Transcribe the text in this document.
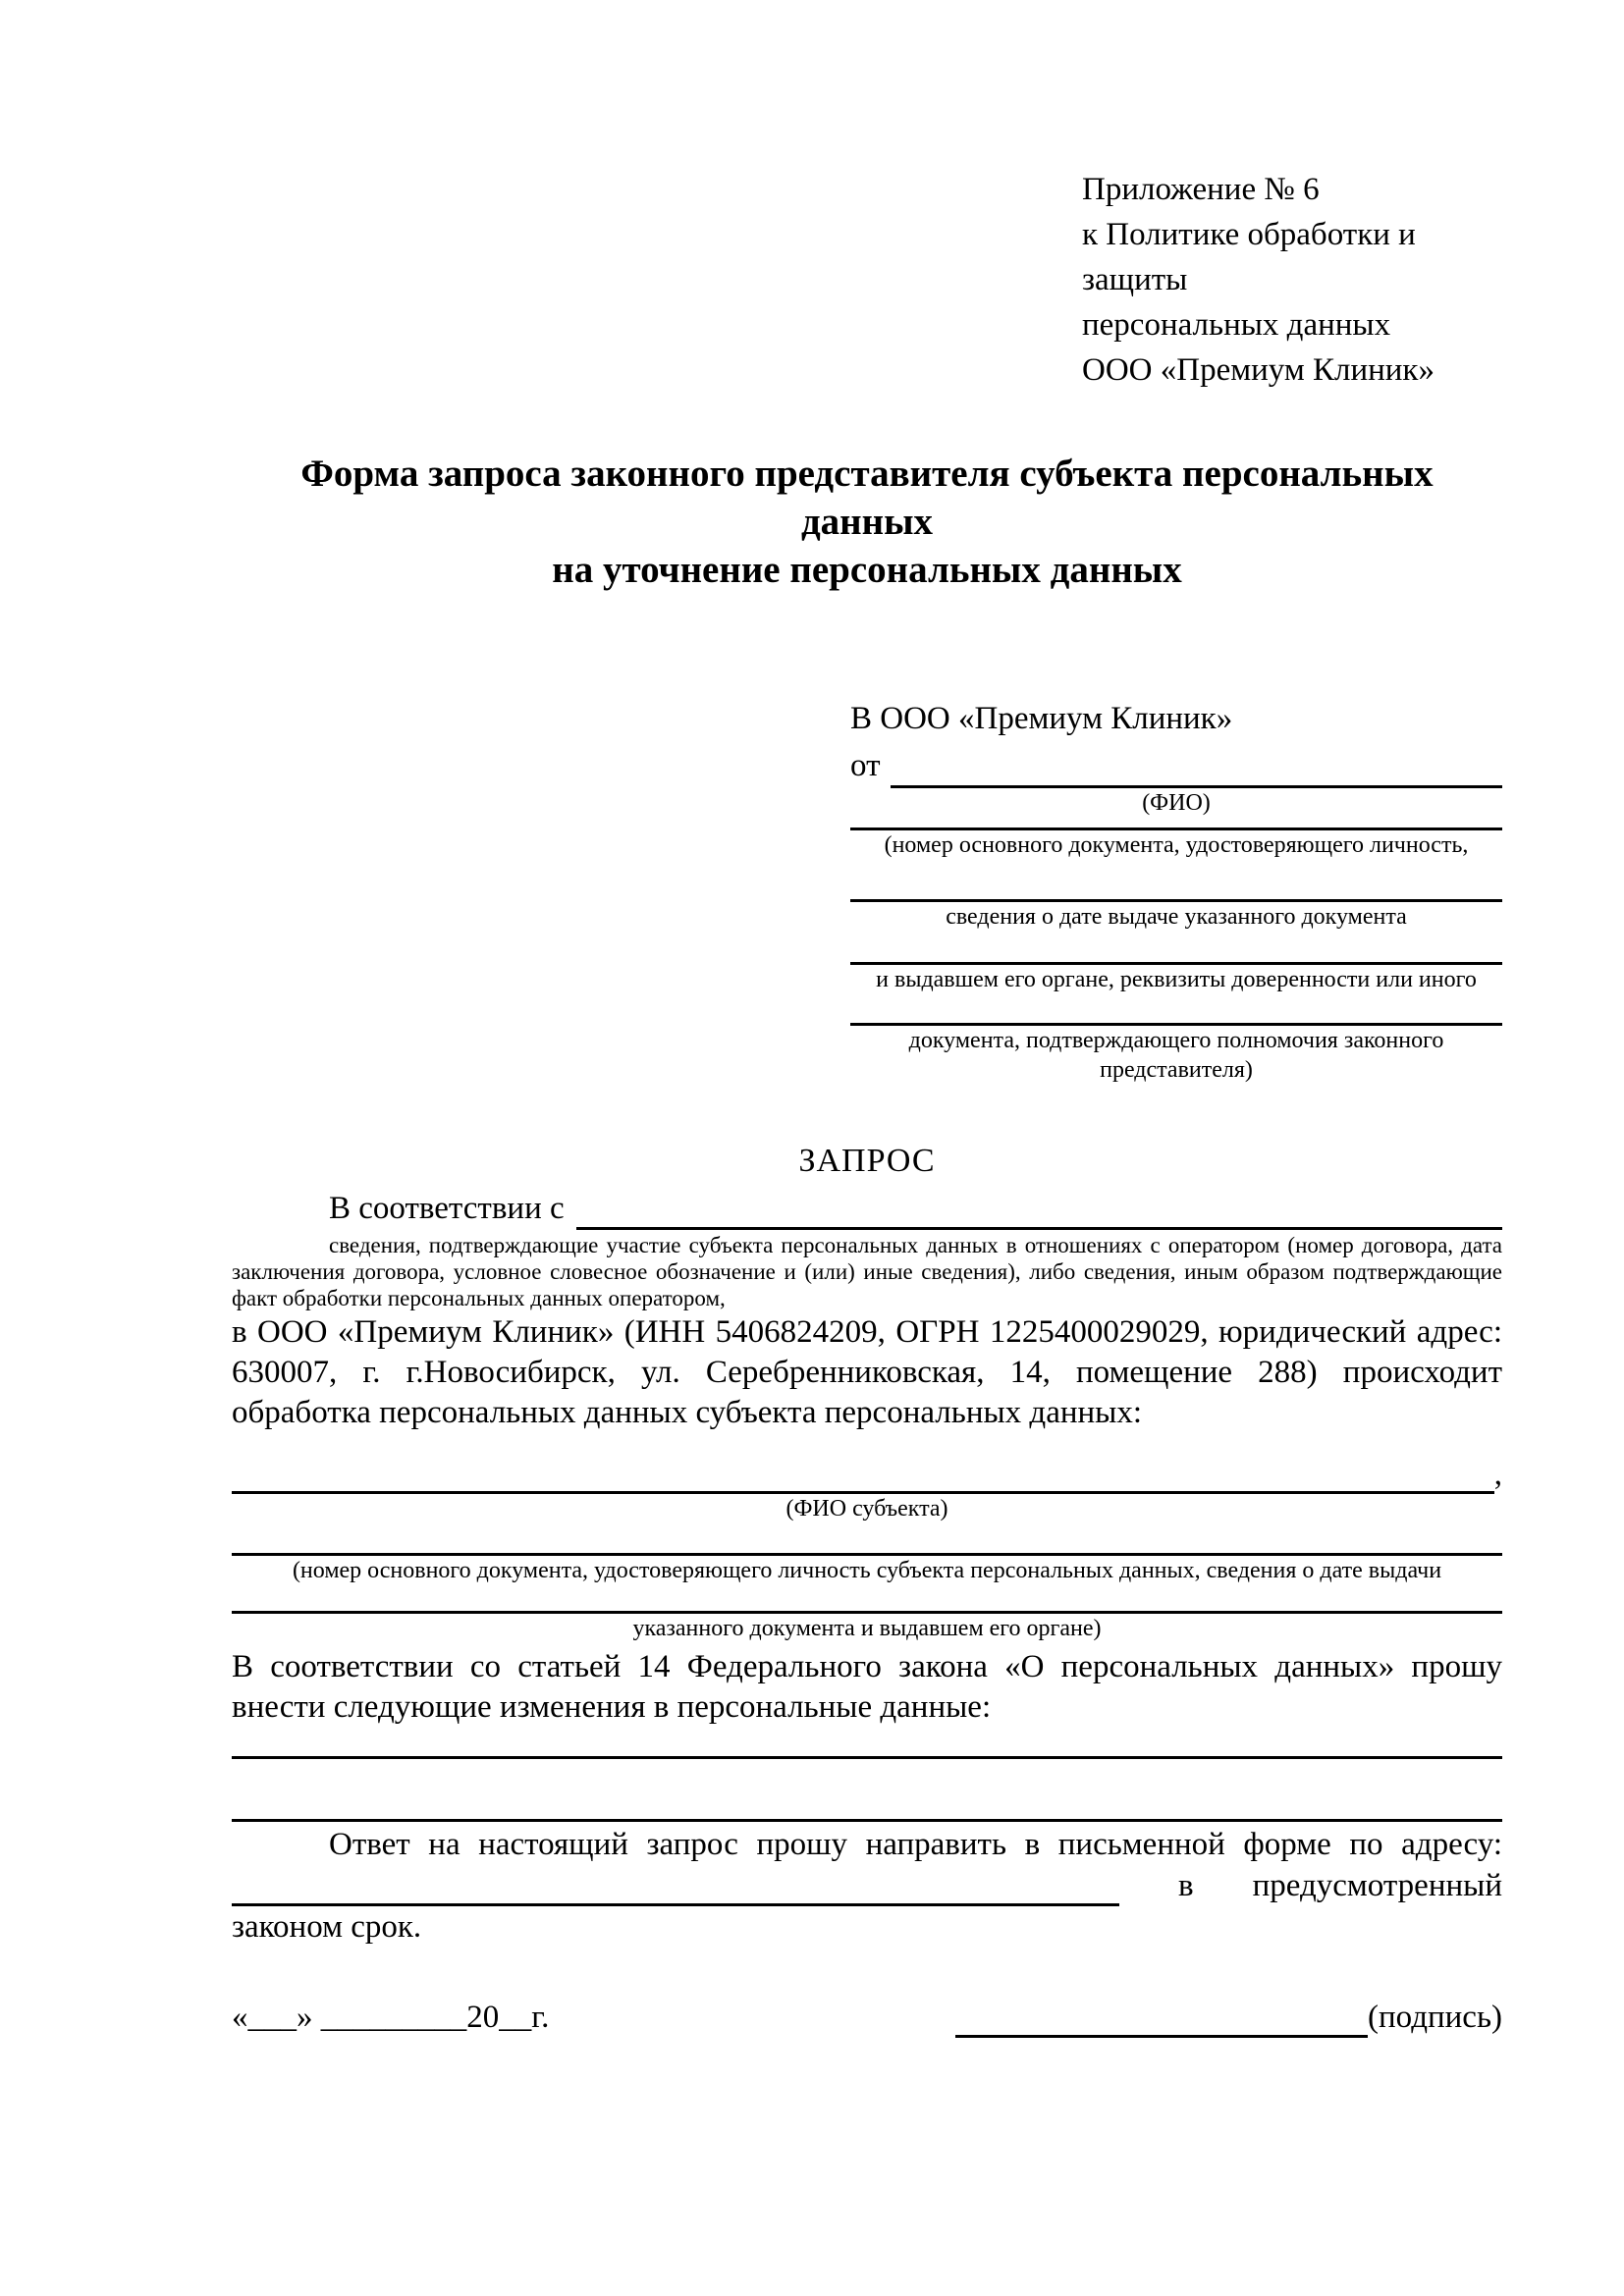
Приложение № 6
к Политике обработки и защиты
персональных данных
ООО «Премиум Клиник»
Форма запроса законного представителя субъекта персональных данных
на уточнение персональных данных
В ООО «Премиум Клиник»
от
(ФИО)
(номер основного документа, удостоверяющего личность,
сведения о дате выдаче указанного документа
и выдавшем его органе, реквизиты доверенности или иного
документа, подтверждающего полномочия законного представителя)
ЗАПРОС
В соответствии с
сведения, подтверждающие участие субъекта персональных данных в отношениях с оператором (номер договора, дата заключения договора, условное словесное обозначение и (или) иные сведения), либо сведения, иным образом подтверждающие факт обработки персональных данных оператором,
в ООО «Премиум Клиник» (ИНН 5406824209, ОГРН 1225400029029, юридический адрес: 630007, г. г.Новосибирск, ул. Серебренниковская, 14, помещение 288) происходит обработка персональных данных субъекта персональных данных:
,
(ФИО субъекта)
(номер основного документа, удостоверяющего личность субъекта персональных данных, сведения о дате выдачи
указанного документа и выдавшем его органе)
В соответствии со статьей 14 Федерального закона «О персональных данных» прошу внести следующие изменения в персональные данные:
Ответ на настоящий запрос прошу направить в письменной форме по адресу:
в предусмотренный
законом срок.
«___» _________20__г.	(подпись)
